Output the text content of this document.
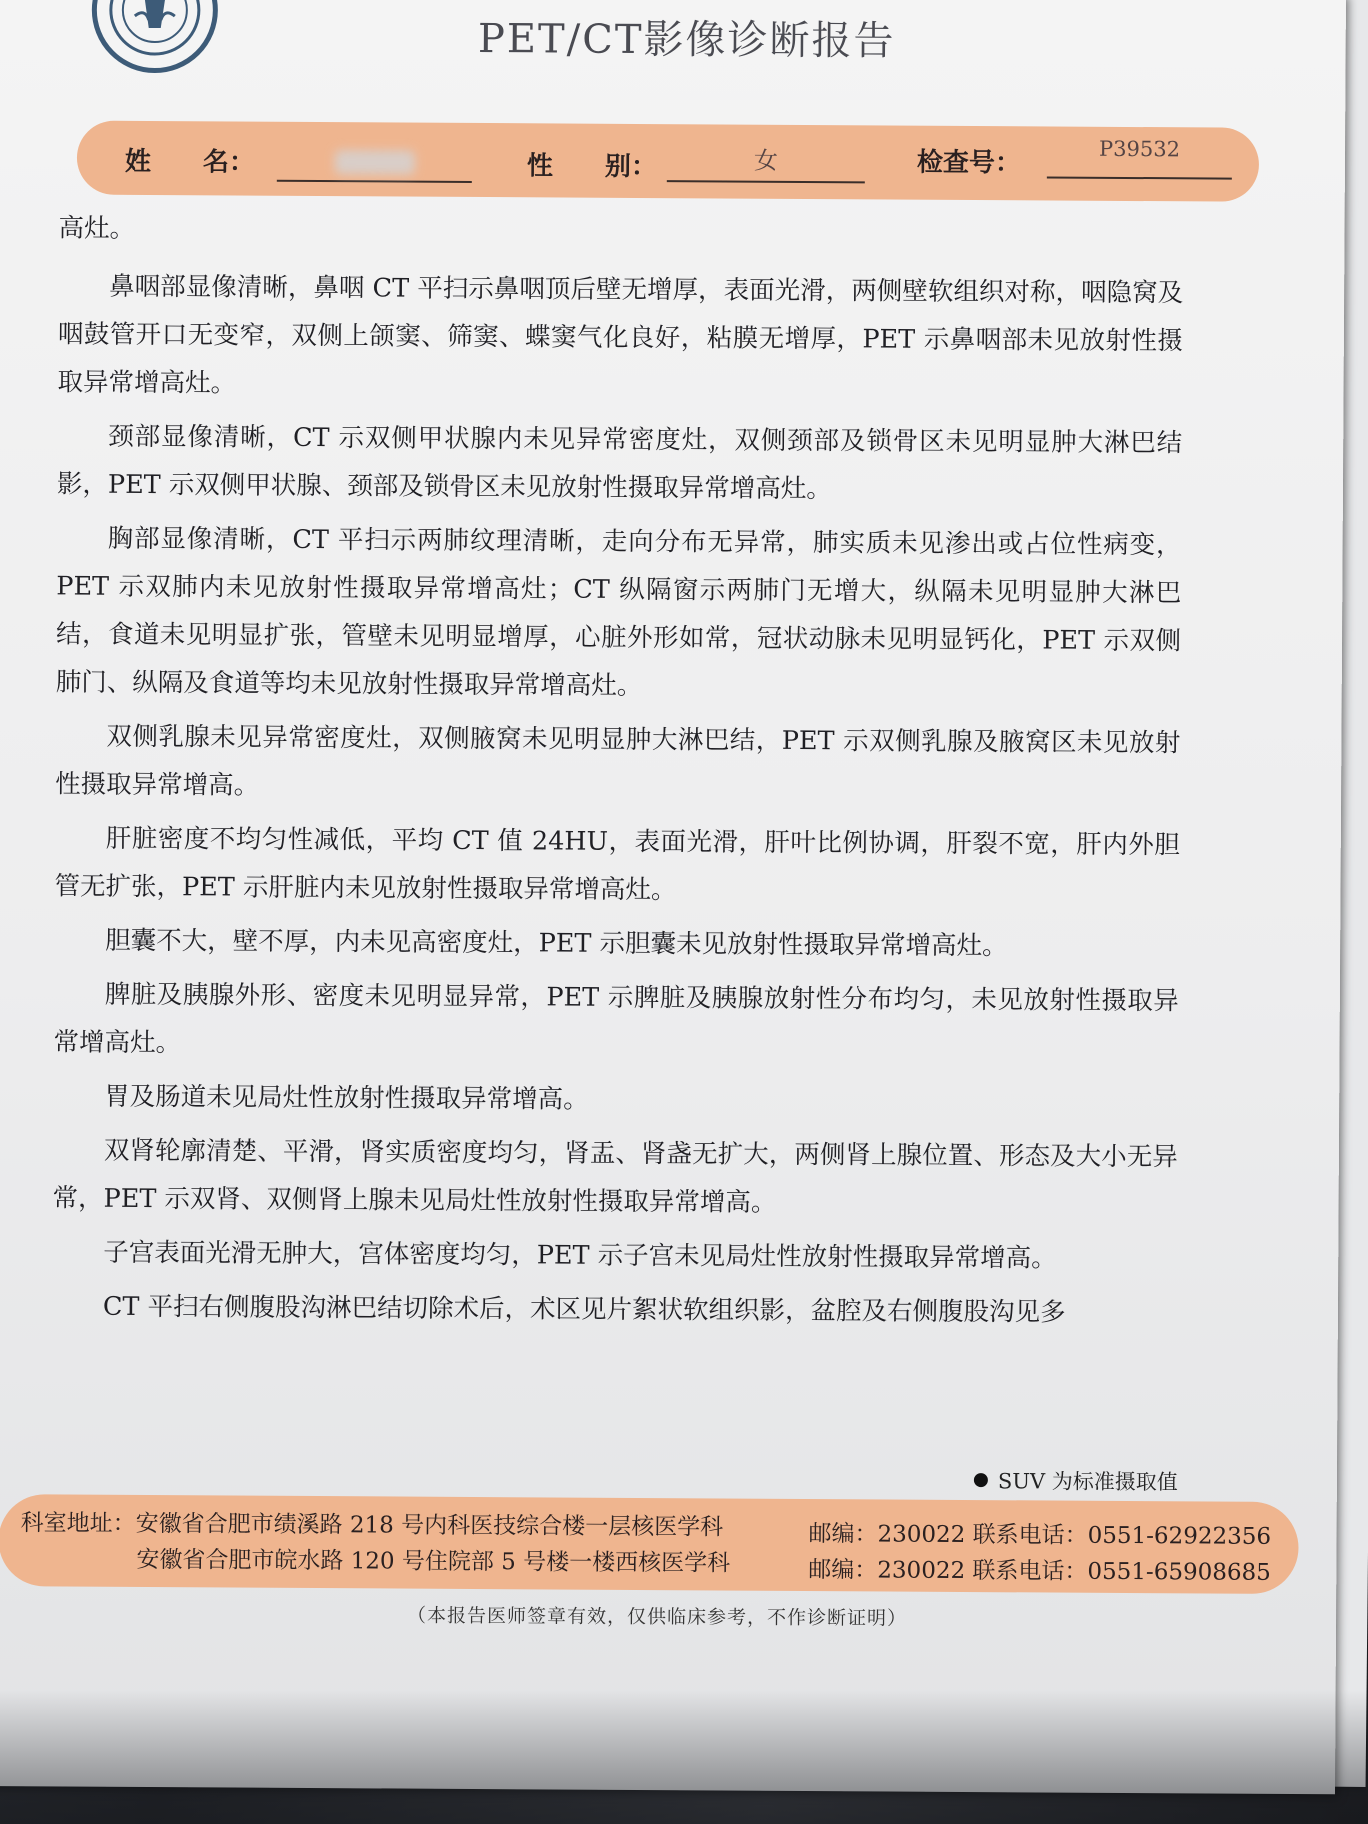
PET/CT影像诊断报告
姓　　名：	性　　别：	女	检查号：	P39532

高灶。

鼻咽部显像清晰，鼻咽 CT 平扫示鼻咽顶后壁无增厚，表面光滑，两侧壁软组织对称，咽隐窝及咽鼓管开口无变窄，双侧上颌窦、筛窦、蝶窦气化良好，粘膜无增厚，PET 示鼻咽部未见放射性摄取异常增高灶。

颈部显像清晰，CT 示双侧甲状腺内未见异常密度灶，双侧颈部及锁骨区未见明显肿大淋巴结影，PET 示双侧甲状腺、颈部及锁骨区未见放射性摄取异常增高灶。

胸部显像清晰，CT 平扫示两肺纹理清晰，走向分布无异常，肺实质未见渗出或占位性病变，PET 示双肺内未见放射性摄取异常增高灶；CT 纵隔窗示两肺门无增大，纵隔未见明显肿大淋巴结，食道未见明显扩张，管壁未见明显增厚，心脏外形如常，冠状动脉未见明显钙化，PET 示双侧肺门、纵隔及食道等均未见放射性摄取异常增高灶。

双侧乳腺未见异常密度灶，双侧腋窝未见明显肿大淋巴结，PET 示双侧乳腺及腋窝区未见放射性摄取异常增高。

肝脏密度不均匀性减低，平均 CT 值 24HU，表面光滑，肝叶比例协调，肝裂不宽，肝内外胆管无扩张，PET 示肝脏内未见放射性摄取异常增高灶。

胆囊不大，壁不厚，内未见高密度灶，PET 示胆囊未见放射性摄取异常增高灶。

脾脏及胰腺外形、密度未见明显异常，PET 示脾脏及胰腺放射性分布均匀，未见放射性摄取异常增高灶。

胃及肠道未见局灶性放射性摄取异常增高。

双肾轮廓清楚、平滑，肾实质密度均匀，肾盂、肾盏无扩大，两侧肾上腺位置、形态及大小无异常，PET 示双肾、双侧肾上腺未见局灶性放射性摄取异常增高。

子宫表面光滑无肿大，宫体密度均匀，PET 示子宫未见局灶性放射性摄取异常增高。

CT 平扫右侧腹股沟淋巴结切除术后，术区见片絮状软组织影，盆腔及右侧腹股沟见多

SUV 为标准摄取值
科室地址：安徽省合肥市绩溪路 218 号内科医技综合楼一层核医学科
安徽省合肥市皖水路 120 号住院部 5 号楼一楼西核医学科
邮编：230022 联系电话：0551-62922356
邮编：230022 联系电话：0551-65908685
（本报告医师签章有效，仅供临床参考，不作诊断证明）
